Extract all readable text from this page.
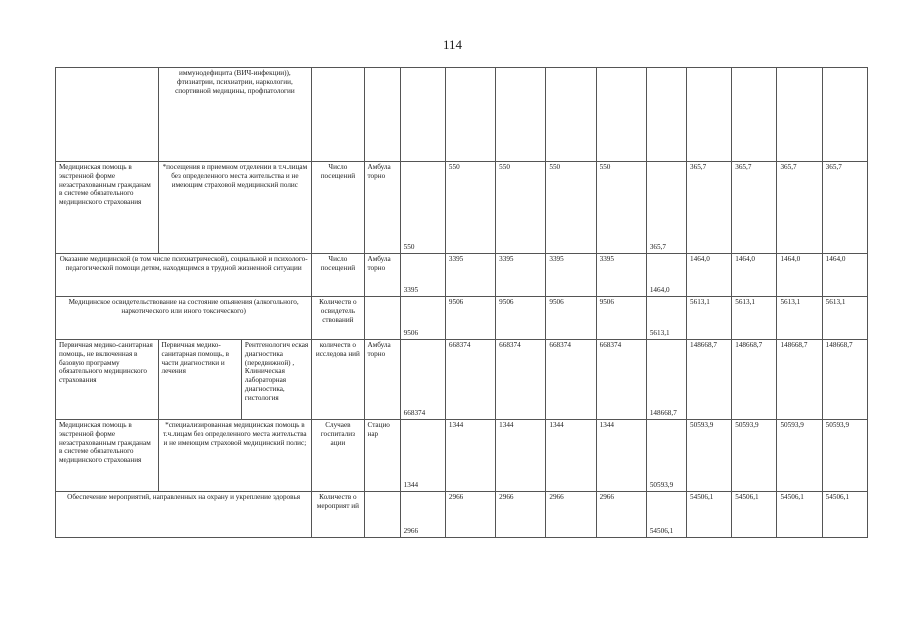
114
	иммунодефицита (ВИЧ-инфекции)), фтизиатрии, психиатрии, наркологии, спортивной медицины, профпатологии													
Медицинская помощь в экстренной форме незастрахованным гражданам в системе обязательного медицинского страхования	*посещения в приемном отделении в т.ч.лицам без определенного места жительства и не имеющим страховой медицинский полис		Число посещений	Амбула торно	550	550	550	550	550	365,7	365,7	365,7	365,7	365,7
Оказание медицинской (в том числе психиатрической), социальной и психолого-педагогической помощи детям, находящимся в трудной жизненной ситуации			Число посещений	Амбула торно	3395	3395	3395	3395	3395	1464,0	1464,0	1464,0	1464,0	1464,0
Медицинское освидетельствование на состояние опьянения (алкогольного, наркотического или иного токсического)			Количеств о освидетель ствований		9506	9506	9506	9506	9506	5613,1	5613,1	5613,1	5613,1	5613,1
Первичная медико-санитарная помощь, не включенная в базовую программу обязательного медицинского страхования	Первичная медико-санитарная помощь, в части диагностики и лечения	Рентгенологич еская диагностика (передвижной) , Клиническая лабораторная диагностика, гистология	количеств о исследова ний	Амбула торно	668374	668374	668374	668374	668374	148668,7	148668,7	148668,7	148668,7	148668,7
Медицинская помощь в экстренной форме незастрахованным гражданам в системе обязательного медицинского страхования	*специализированная медицинская помощь в т.ч.лицам без определенного места жительства и не имеющим страховой медицинский полис;		Случаев госпитализ ации	Стацио нар	1344	1344	1344	1344	1344	50593,9	50593,9	50593,9	50593,9	50593,9
Обеспечение мероприятий, направленных на охрану и укрепление здоровья			Количеств о мероприят ий		2966	2966	2966	2966	2966	54506,1	54506,1	54506,1	54506,1	54506,1
